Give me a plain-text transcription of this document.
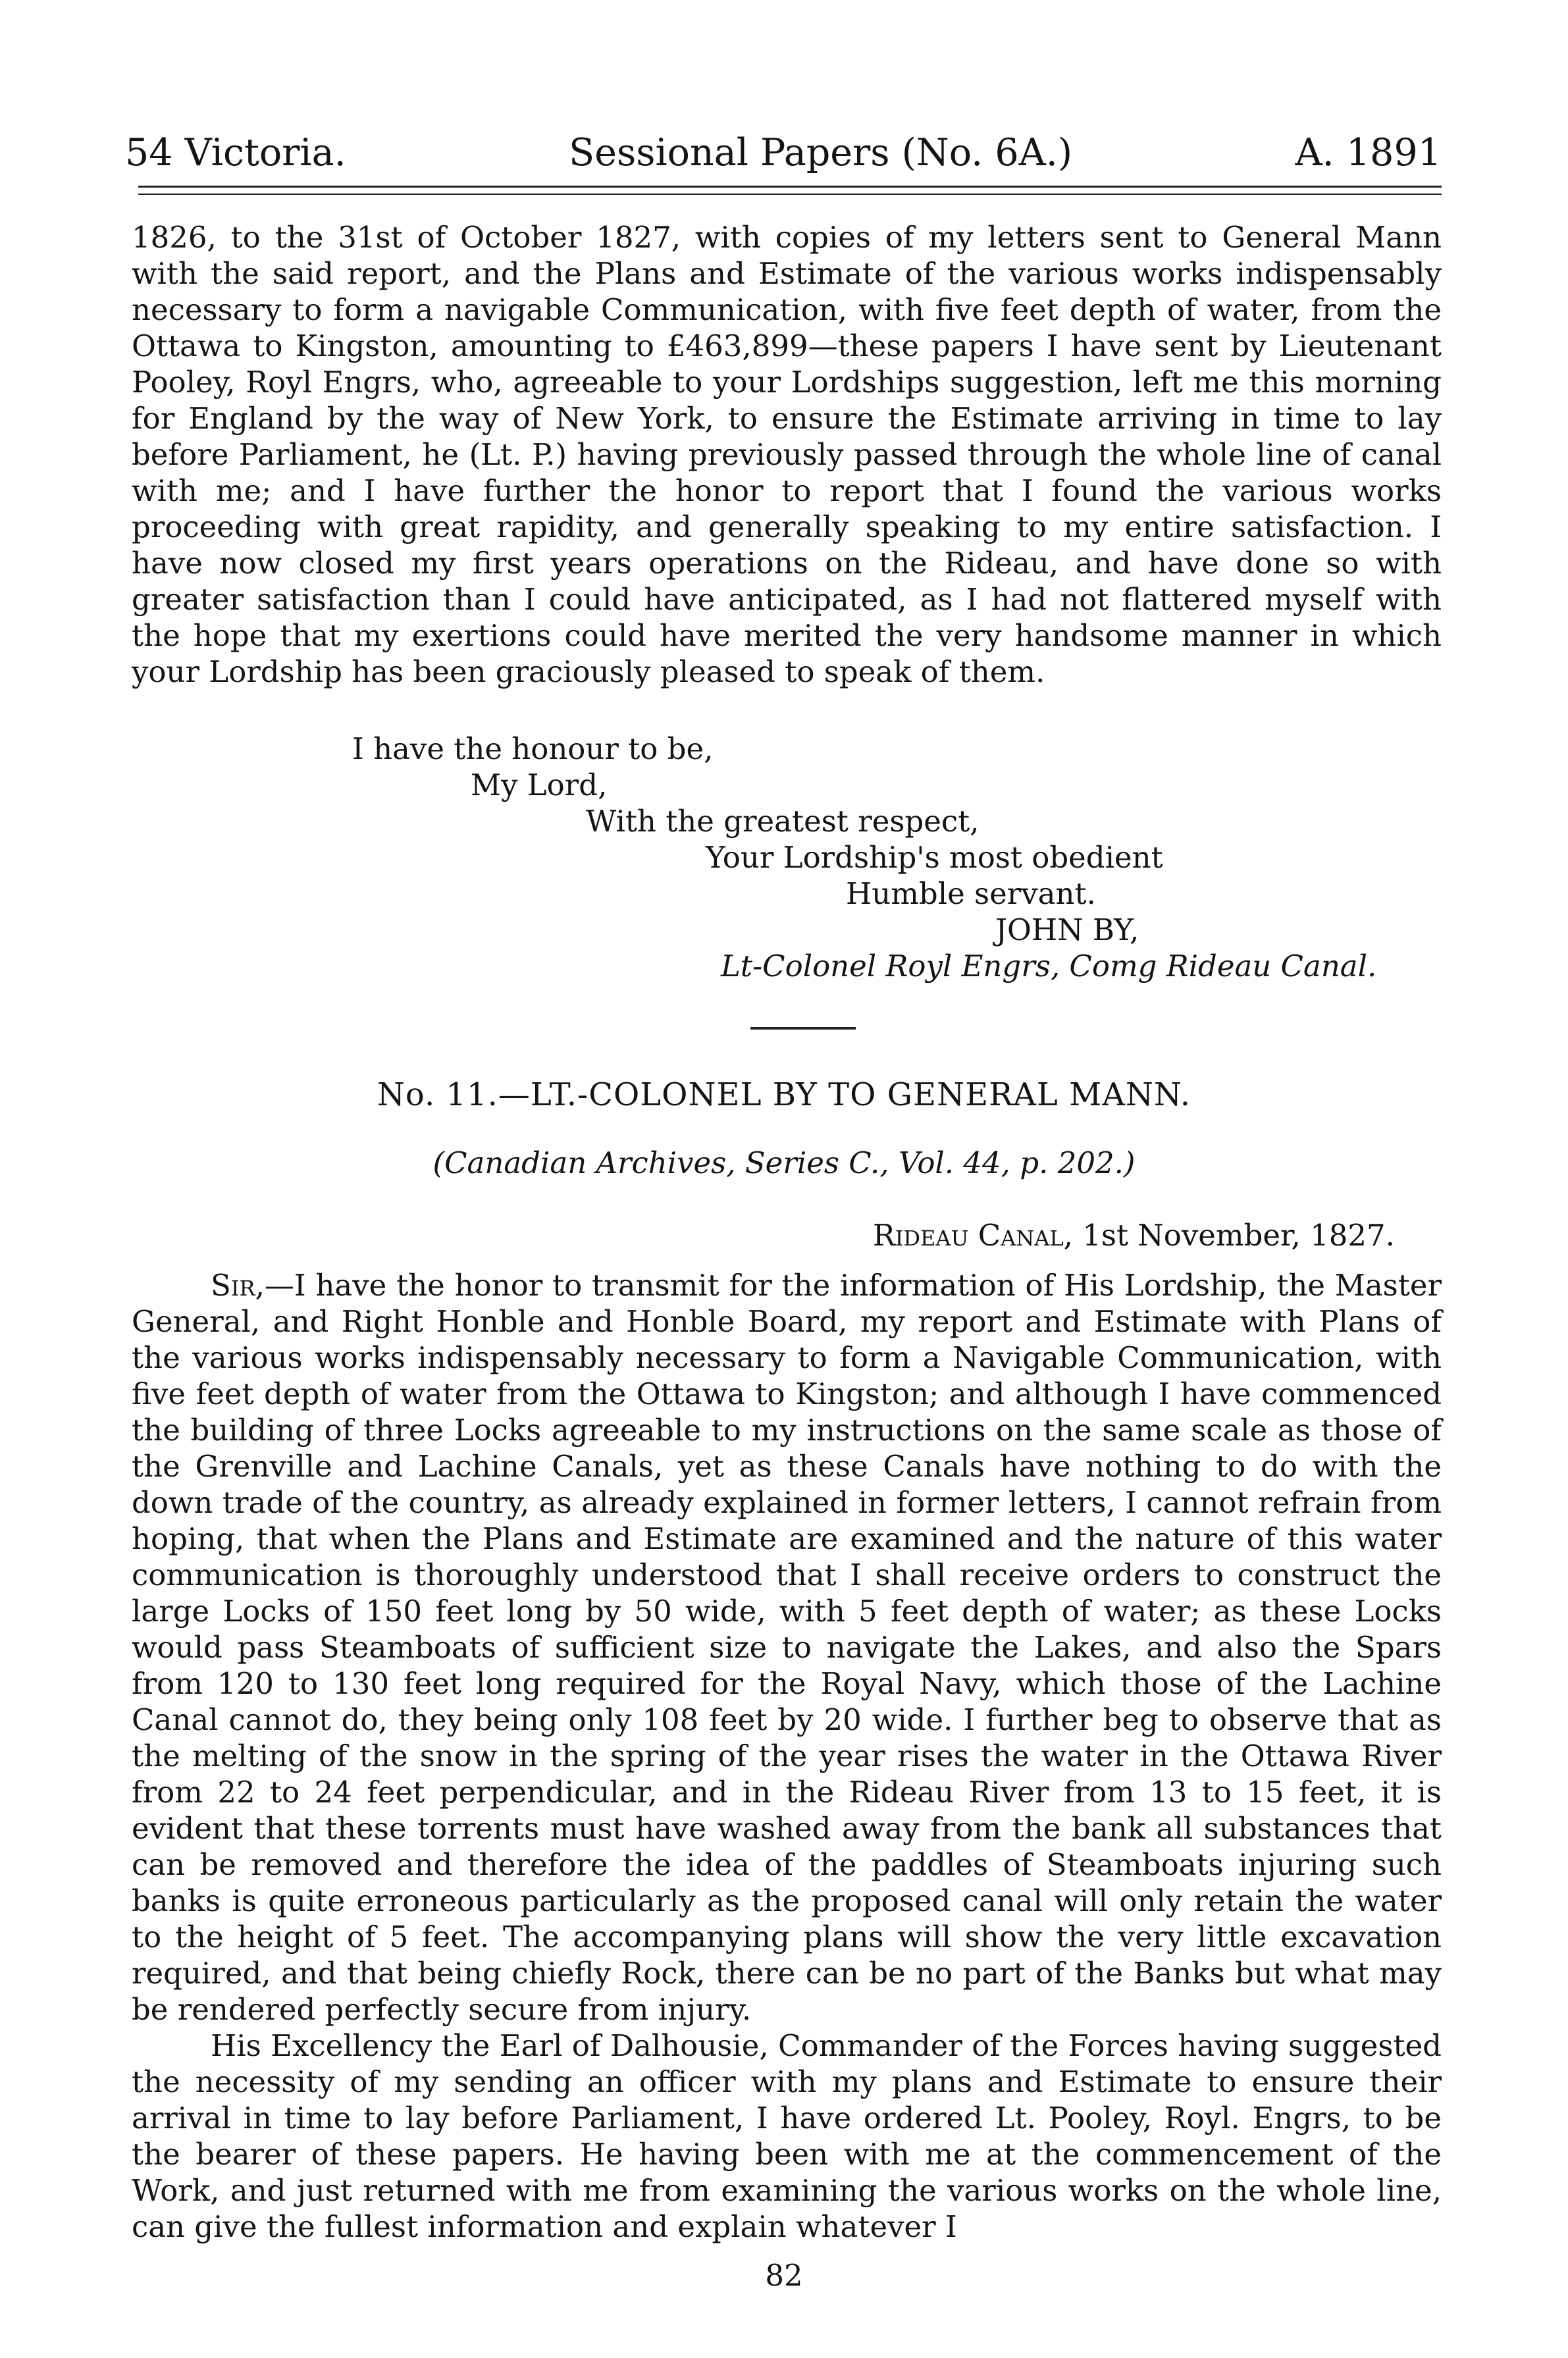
54 Victoria.	Sessional Papers (No. 6A.)	A. 1891

1826, to the 31st of October 1827, with copies of my letters sent to General Mann with the said report, and the Plans and Estimate of the various works indispensably necessary to form a navigable Communication, with five feet depth of water, from the Ottawa to Kingston, amounting to £463,899—these papers I have sent by Lieutenant Pooley, Royl Engrs, who, agreeable to your Lordships suggestion, left me this morning for England by the way of New York, to ensure the Estimate arriving in time to lay before Parliament, he (Lt. P.) having previously passed through the whole line of canal with me; and I have further the honor to report that I found the various works proceeding with great rapidity, and generally speaking to my entire satisfaction. I have now closed my first years operations on the Rideau, and have done so with greater satisfaction than I could have anticipated, as I had not flattered myself with the hope that my exertions could have merited the very handsome manner in which your Lordship has been graciously pleased to speak of them.

I have the honour to be,
My Lord,
With the greatest respect,
Your Lordship's most obedient
Humble servant.
JOHN BY,
Lt-Colonel Royl Engrs, Comg Rideau Canal.
No. 11.—LT.-COLONEL BY TO GENERAL MANN.
(Canadian Archives, Series C., Vol. 44, p. 202.)
Rideau Canal, 1st November, 1827.

Sir,—I have the honor to transmit for the information of His Lordship, the Master General, and Right Honble and Honble Board, my report and Estimate with Plans of the various works indispensably necessary to form a Navigable Communication, with five feet depth of water from the Ottawa to Kingston; and although I have commenced the building of three Locks agreeable to my instructions on the same scale as those of the Grenville and Lachine Canals, yet as these Canals have nothing to do with the down trade of the country, as already explained in former letters, I cannot refrain from hoping, that when the Plans and Estimate are examined and the nature of this water communication is thoroughly understood that I shall receive orders to construct the large Locks of 150 feet long by 50 wide, with 5 feet depth of water; as these Locks would pass Steamboats of sufficient size to navigate the Lakes, and also the Spars from 120 to 130 feet long required for the Royal Navy, which those of the Lachine Canal cannot do, they being only 108 feet by 20 wide. I further beg to observe that as the melting of the snow in the spring of the year rises the water in the Ottawa River from 22 to 24 feet perpendicular, and in the Rideau River from 13 to 15 feet, it is evident that these torrents must have washed away from the bank all substances that can be removed and therefore the idea of the paddles of Steamboats injuring such banks is quite erroneous particularly as the proposed canal will only retain the water to the height of 5 feet. The accompanying plans will show the very little excavation required, and that being chiefly Rock, there can be no part of the Banks but what may be rendered perfectly secure from injury.

His Excellency the Earl of Dalhousie, Commander of the Forces having suggested the necessity of my sending an officer with my plans and Estimate to ensure their arrival in time to lay before Parliament, I have ordered Lt. Pooley, Royl. Engrs, to be the bearer of these papers. He having been with me at the commencement of the Work, and just returned with me from examining the various works on the whole line, can give the fullest information and explain whatever I

82
